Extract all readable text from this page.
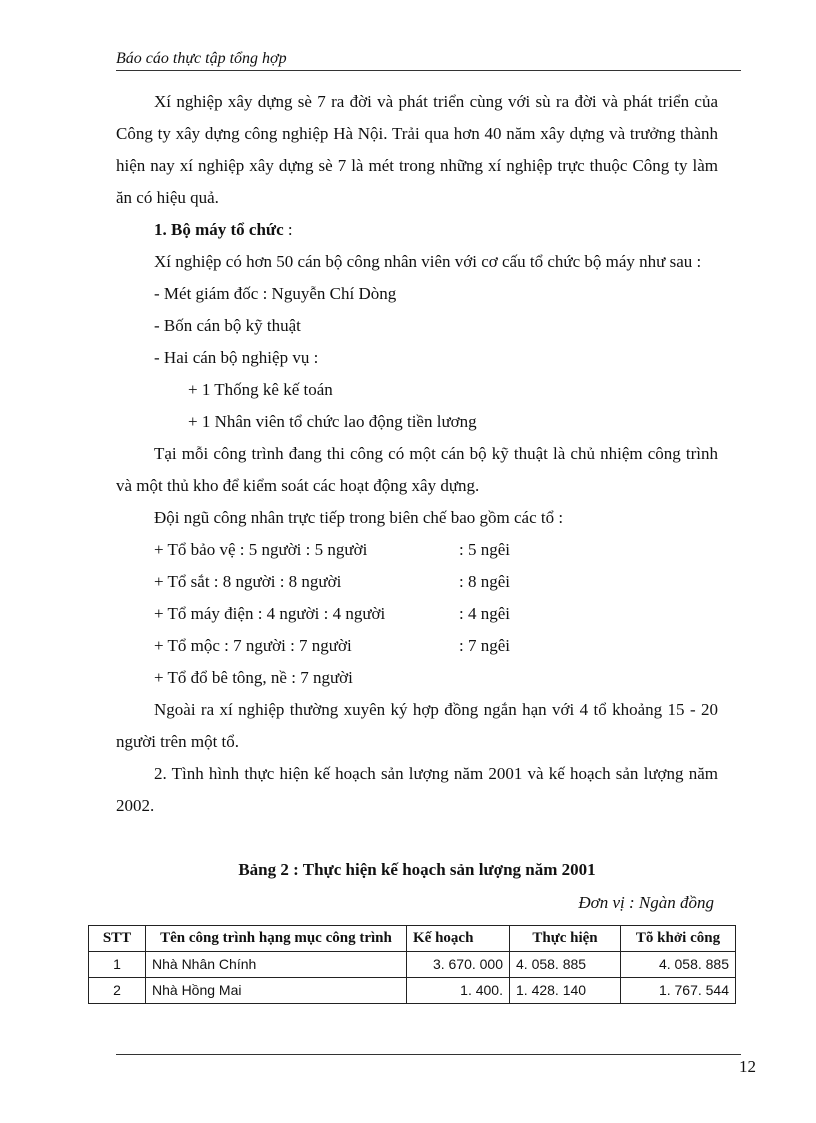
Báo cáo thực tập tổng hợp

Xí nghiệp xây dựng sè 7 ra đời và phát triển cùng với sù ra đời và phát triển của Công ty xây dựng công nghiệp Hà Nội. Trải qua hơn 40 năm xây dựng và trưởng thành hiện nay xí nghiệp xây dựng sè 7 là mét trong những xí nghiệp trực thuộc Công ty làm ăn có hiệu quả.

1. Bộ máy tổ chức :

Xí nghiệp có hơn 50 cán bộ công nhân viên với cơ cấu tổ chức bộ máy như sau :

- Mét giám đốc : Nguyễn Chí Dòng

- Bốn cán bộ kỹ thuật

- Hai cán bộ nghiệp vụ :

+ 1 Thống kê kế toán

+ 1 Nhân viên tổ chức lao động tiền lương

Tại mỗi công trình đang thi công có một cán bộ kỹ thuật là chủ nhiệm công trình và một thủ kho để kiểm soát các hoạt động xây dựng.

Đội ngũ công nhân trực tiếp trong biên chế bao gồm các tổ :

+ Tổ bảo vệ : 5 người : 5 người	: 5 ngêi
+ Tổ sắt : 8 người : 8 người	: 8 ngêi
+ Tổ máy điện : 4 người : 4 người	: 4 ngêi
+ Tổ mộc : 7 người : 7 người	: 7 ngêi
+ Tổ đổ bê tông, nề : 7 người

Ngoài ra xí nghiệp thường xuyên ký hợp đồng ngắn hạn với 4 tổ khoảng 15 - 20 người trên một tổ.

2. Tình hình thực hiện kế hoạch sản lượng năm 2001 và kế hoạch sản lượng năm 2002.

Bảng 2 : Thực hiện kế hoạch sản lượng năm 2001
Đơn vị : Ngàn đồng
STT	Tên công trình hạng mục công trình	Kế hoạch	Thực hiện	Tõ khởi công
1	Nhà Nhân Chính	3. 670. 000	4. 058. 885	4. 058. 885
2	Nhà Hồng Mai	1. 400.	1. 428. 140	1. 767. 544
12
